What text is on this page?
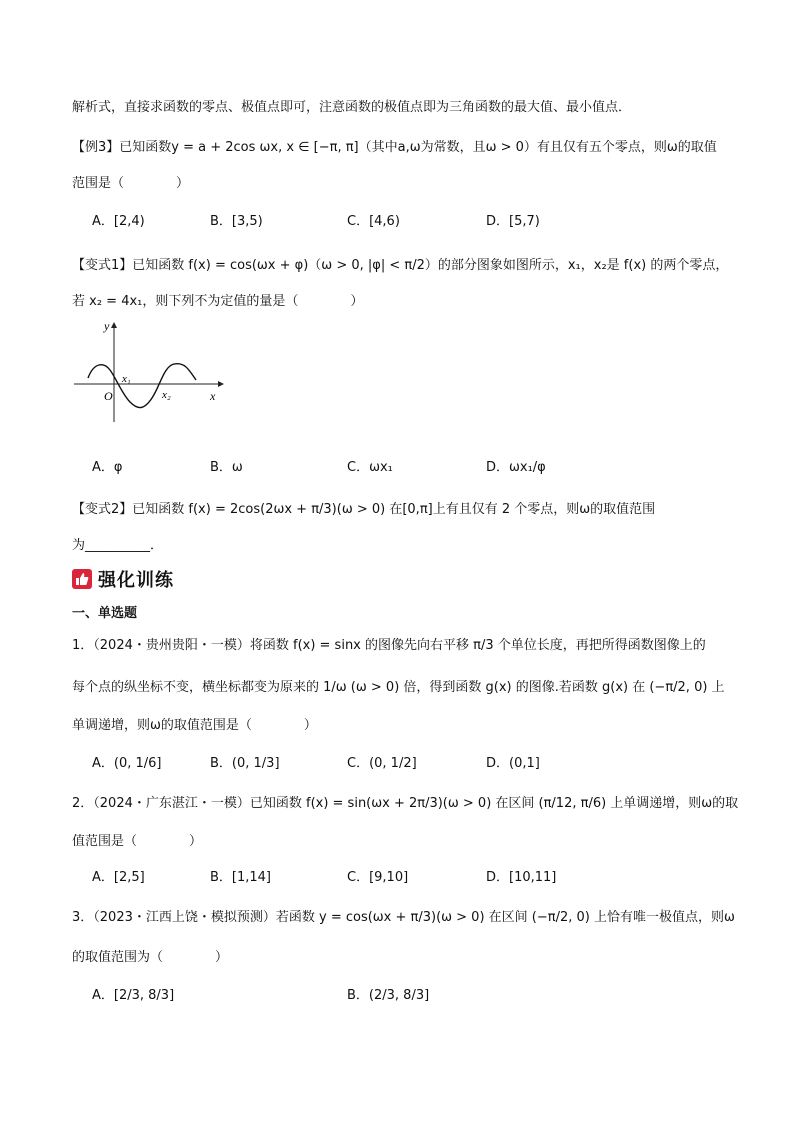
解析式，直接求函数的零点、极值点即可，注意函数的极值点即为三角函数的最大值、最小值点．
【例3】已知函数y = a + 2cos ωx, x ∈ [−π, π]（其中a,ω为常数，且ω > 0）有且仅有五个零点，则ω的取值
范围是（　　　　）
A．[2,4)	B．[3,5)	C．[4,6)	D．[5,7)
【变式1】已知函数 f(x) = cos(ωx + φ)（ω > 0, |φ| < π/2）的部分图象如图所示，x₁，x₂是 f(x) 的两个零点，
若 x₂ = 4x₁，则下列不为定值的量是（　　　　）
y
x
O
x₁
x₂
A．φ	B．ω	C．ωx₁	D．ωx₁/φ
【变式2】已知函数 f(x) = 2cos(2ωx + π/3)(ω > 0) 在[0,π]上有且仅有 2 个零点，则ω的取值范围
为__________．
强化训练
一、单选题
1．（2024・贵州贵阳・一模）将函数 f(x) = sinx 的图像先向右平移 π/3 个单位长度，再把所得函数图像上的
每个点的纵坐标不变，横坐标都变为原来的 1/ω (ω > 0) 倍，得到函数 g(x) 的图像.若函数 g(x) 在 (−π/2, 0) 上
单调递增，则ω的取值范围是（　　　　）
A．(0, 1/6]	B．(0, 1/3]	C．(0, 1/2]	D．(0,1]
2．（2024・广东湛江・一模）已知函数 f(x) = sin(ωx + 2π/3)(ω > 0) 在区间 (π/12, π/6) 上单调递增，则ω的取
值范围是（　　　　）
A．[2,5]	B．[1,14]	C．[9,10]	D．[10,11]
3．（2023・江西上饶・模拟预测）若函数 y = cos(ωx + π/3)(ω > 0) 在区间 (−π/2, 0) 上恰有唯一极值点，则ω
的取值范围为（　　　　）
A．[2/3, 8/3]	B．(2/3, 8/3]
